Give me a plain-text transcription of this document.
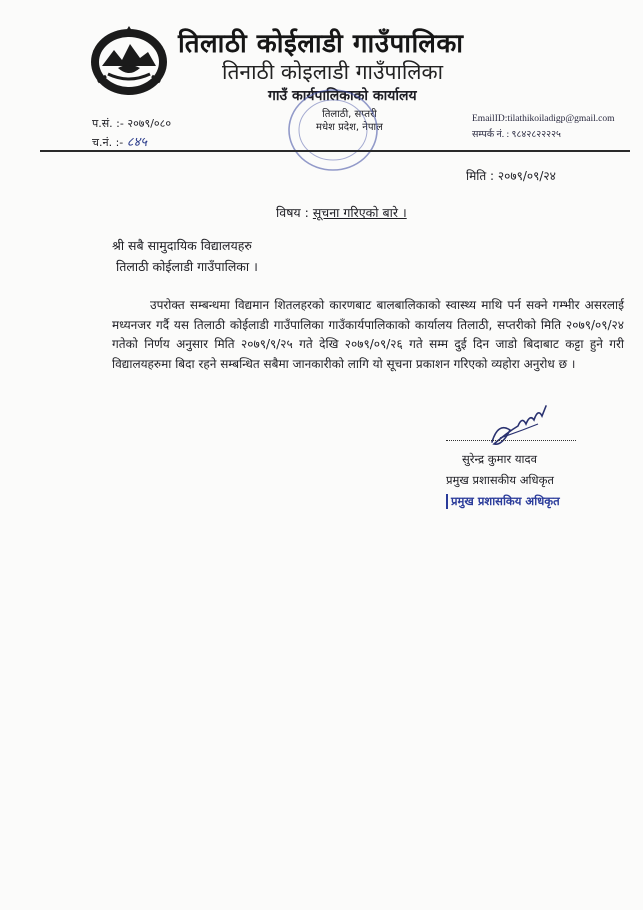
तिलाठी कोईलाडी गाउँपालिका
ति​नाठी कोइलाडी गाउँपालिका
गाउँ कार्यपालिकाको कार्यालय
तिलाठी, सप्तरी
मधेश प्रदेश, नेपाल
प.सं. :- २०७९/०८०
च.नं. :- ८४५
EmailID:tilathikoiladigp@gmail.com
सम्पर्क नं. : ९८४२८२२२२५
मिति : २०७९/०९/२४
विषय : सूचना गरिएको बारे ।
श्री सबै सामुदायिक विद्यालयहरु
तिलाठी कोईलाडी गाउँपालिका ।
उपरोक्त सम्बन्धमा विद्यमान शितलहरको कारणबाट बालबालिकाको स्वास्थ्य माथि पर्न सक्ने गम्भीर असरलाई मध्यनजर गर्दै यस तिलाठी कोईलाडी गाउँपालिका गाउँकार्यपालिकाको कार्यालय तिलाठी, सप्तरीको मिति २०७९/०९/२४ गतेको निर्णय अनुसार मिति २०७९/९/२५ गते देखि २०७९/०९/२६ गते सम्म दुई दिन जाडो बिदाबाट कट्टा हुने गरी विद्यालयहरुमा बिदा रहने सम्बन्धित सबैमा जानकारीको लागि यो सूचना प्रकाशन गरिएको व्यहोरा अनुरोध छ ।
सुरेन्द्र कुमार यादव
प्रमुख प्रशासकीय अधिकृत
प्रमुख प्रशासकिय अधिकृत
